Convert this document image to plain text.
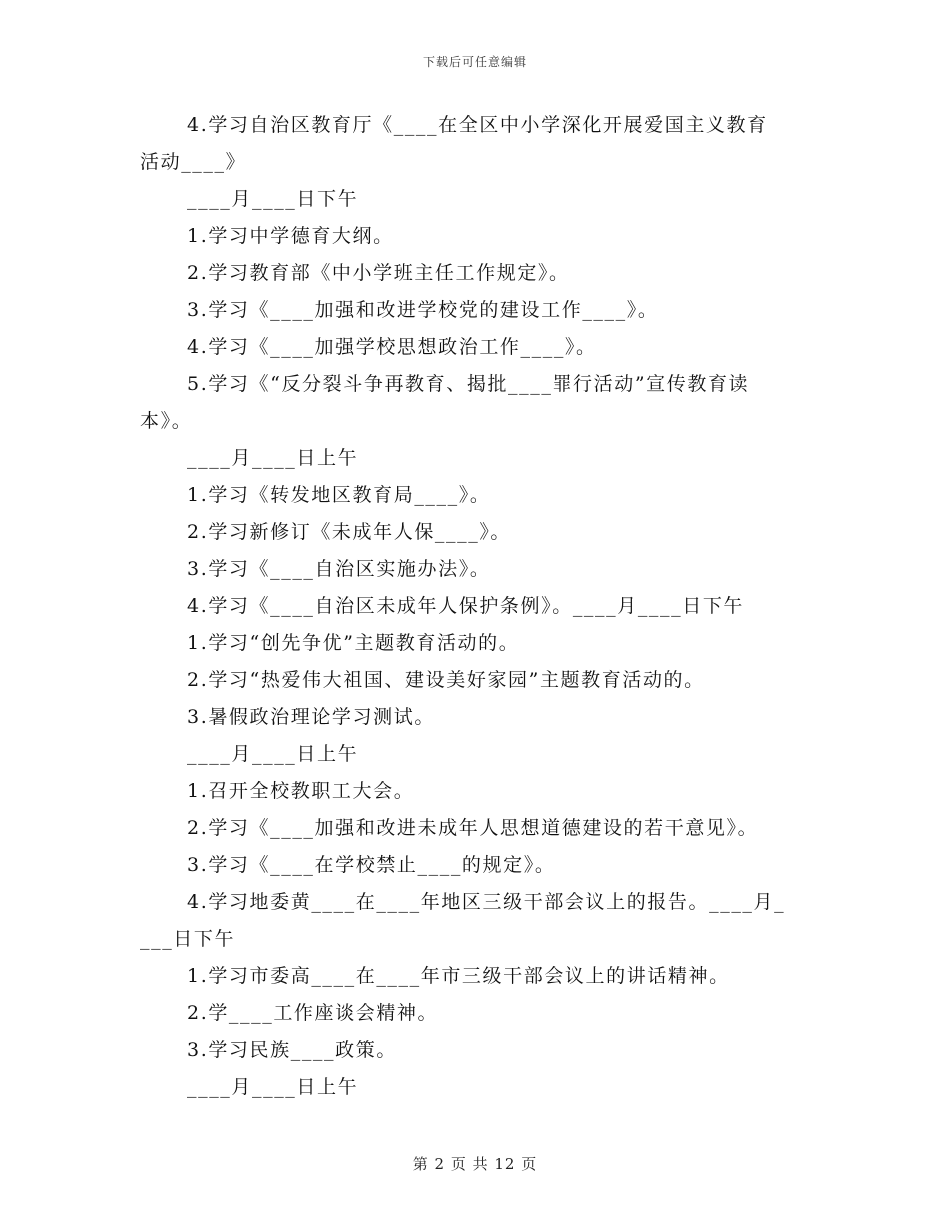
下载后可任意编辑
4.学习自治区教育厅《____在全区中小学深化开展爱国主义教育
活动____》
____月____日下午
1.学习中学德育大纲。
2.学习教育部《中小学班主任工作规定》。
3.学习《____加强和改进学校党的建设工作____》。
4.学习《____加强学校思想政治工作____》。
5.学习《“反分裂斗争再教育、揭批____罪行活动”宣传教育读
本》。
____月____日上午
1.学习《转发地区教育局____》。
2.学习新修订《未成年人保____》。
3.学习《____自治区实施办法》。
4.学习《____自治区未成年人保护条例》。____月____日下午
1.学习“创先争优”主题教育活动的。
2.学习“热爱伟大祖国、建设美好家园”主题教育活动的。
3.暑假政治理论学习测试。
____月____日上午
1.召开全校教职工大会。
2.学习《____加强和改进未成年人思想道德建设的若干意见》。
3.学习《____在学校禁止____的规定》。
4.学习地委黄____在____年地区三级干部会议上的报告。____月_
___日下午
1.学习市委高____在____年市三级干部会议上的讲话精神。
2.学____工作座谈会精神。
3.学习民族____政策。
____月____日上午
第 2 页 共 12 页
